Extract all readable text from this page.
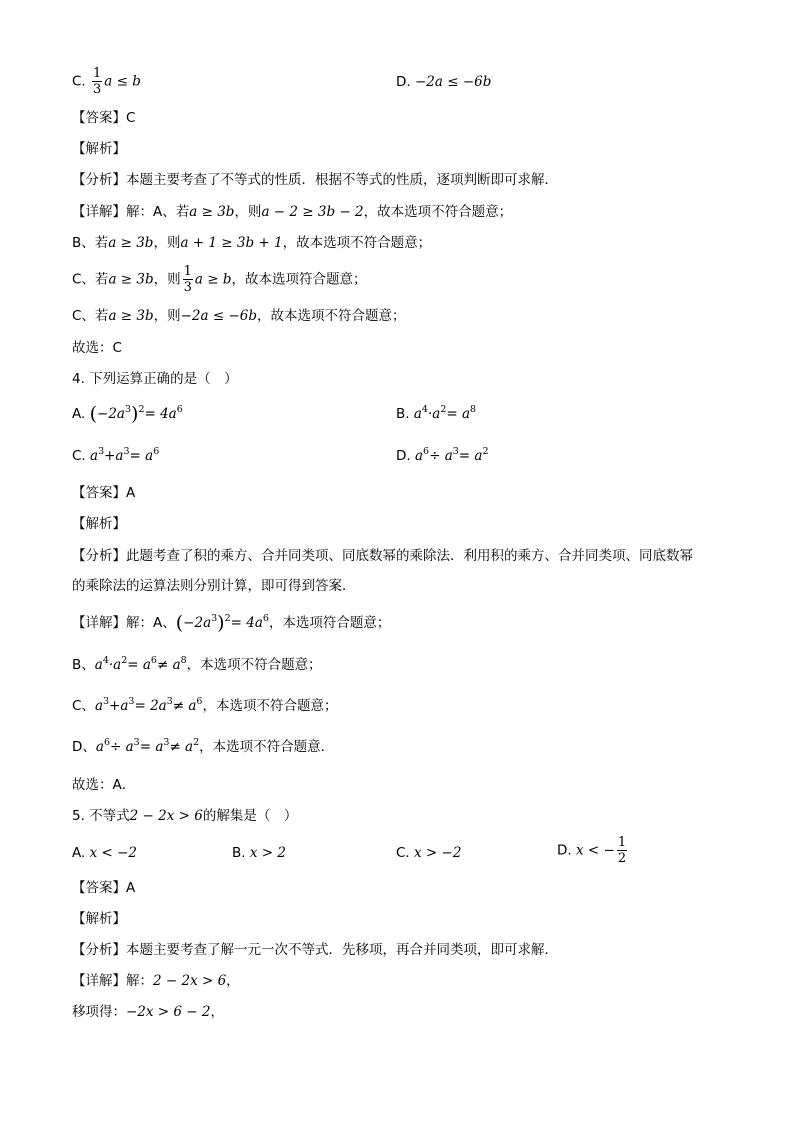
C. $\frac{1}{3}$ a ≤ b	D. −2a ≤ −6b
【答案】C
【解析】
【分析】本题主要考查了不等式的性质．根据不等式的性质，逐项判断即可求解．
【详解】解：A、若a ≥ 3b，则a − 2 ≥ 3b − 2，故本选项不符合题意；
B、若a ≥ 3b，则a + 1 ≥ 3b + 1，故本选项不符合题意；
C、若a ≥ 3b，则 $\frac{1}{3}$ a ≥ b，故本选项符合题意；
C、若a ≥ 3b，则−2a ≤ −6b，故本选项不符合题意；
故选：C
4. 下列运算正确的是（　）
A. $(-2a^3)^2= 4a^6$	B. $a^4\cdot a^2= a^8$
C. $a^3+a^3= a^6$	D. $a^6\div a^3= a^2$
【答案】A
【解析】
【分析】此题考查了积的乘方、合并同类项、同底数幂的乘除法．利用积的乘方、合并同类项、同底数幂
的乘除法的运算法则分别计算，即可得到答案．
【详解】解：A、$(-2a^3)^2= 4a^6$，本选项符合题意；
B、$a^4\cdot a^2= a^6\ne a^8$，本选项不符合题意；
C、$a^3+a^3= 2a^3\ne a^6$，本选项不符合题意；
D、$a^6\div a^3= a^3\ne a^2$，本选项不符合题意．
故选：A．
5. 不等式2 − 2x > 6的解集是（　）
A. x < −2	B. x > 2	C. x > −2	D. x < − $\frac{1}{2}$
【答案】A
【解析】
【分析】本题主要考查了解一元一次不等式．先移项，再合并同类项，即可求解．
【详解】解：2 − 2x > 6，
移项得：−2x > 6 − 2，
